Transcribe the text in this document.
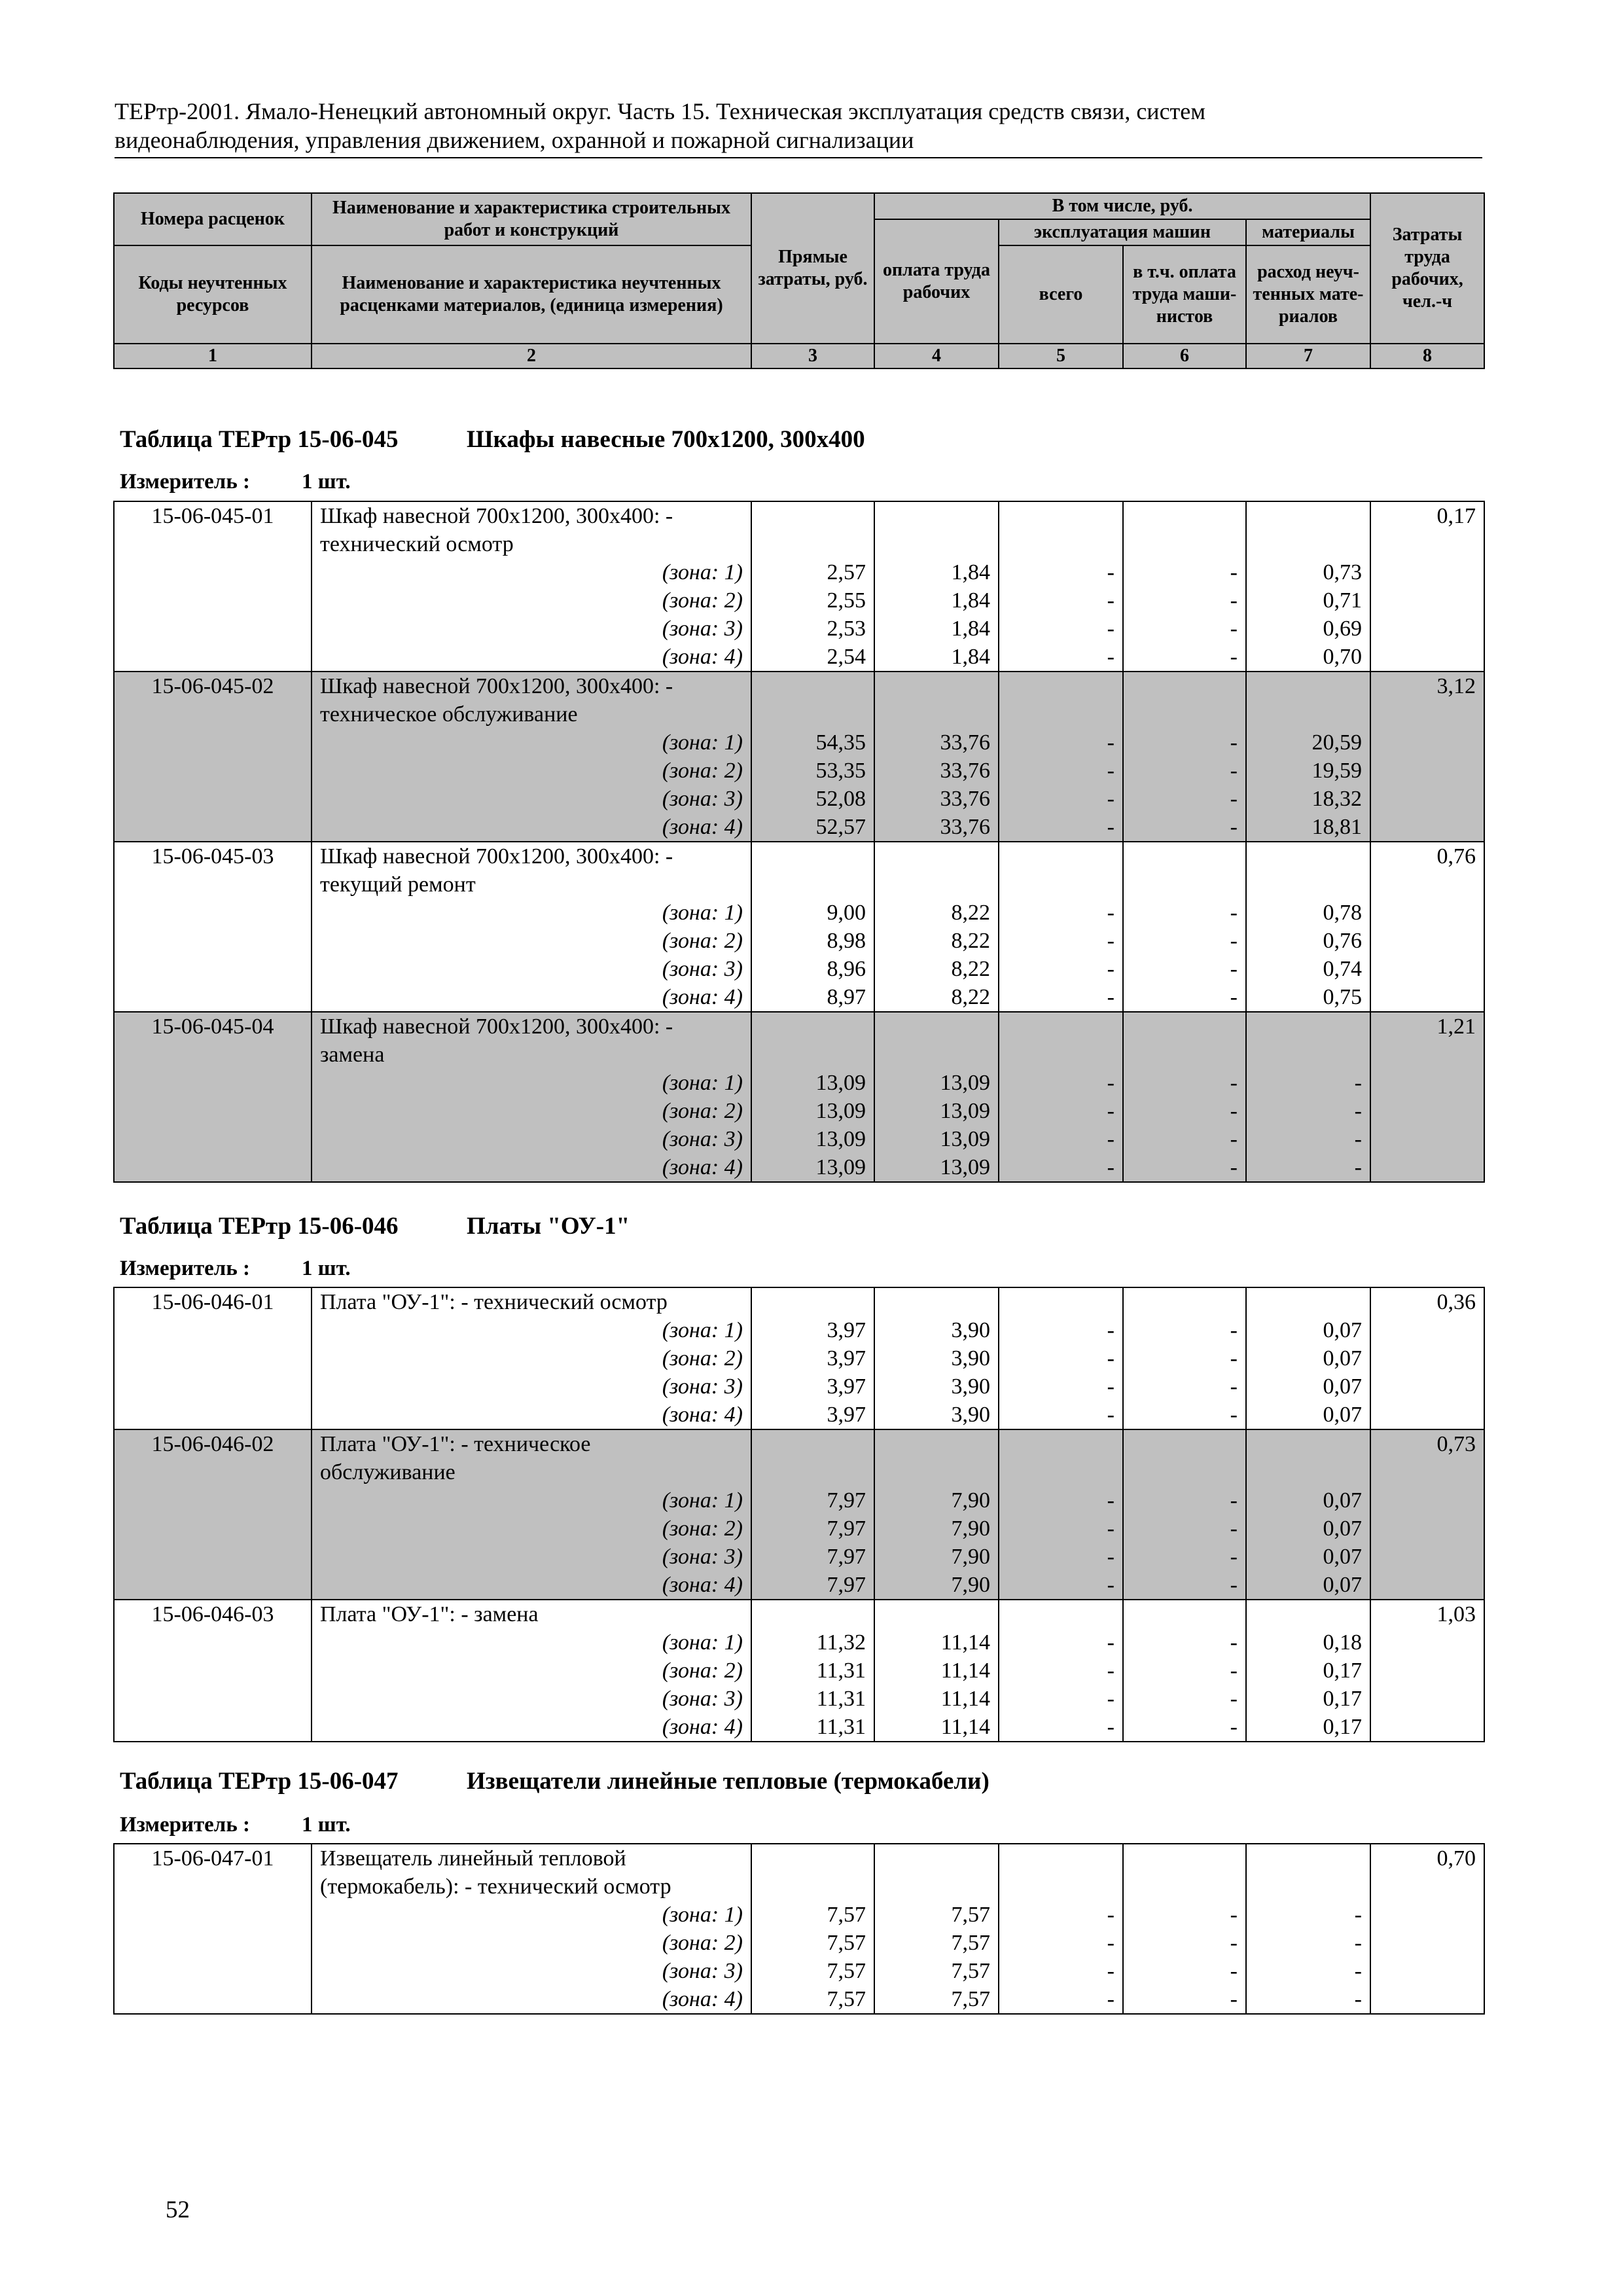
ТЕРтр-2001. Ямало-Ненецкий автономный округ. Часть 15. Техническая эксплуатация средств связи, систем
видеонаблюдения, управления движением, охранной и пожарной сигнализации
Номера расценок	Наименование и характеристика строительных работ и конструкций	Прямые затраты, руб.	В том числе, руб.				Затраты труда рабочих, чел.-ч
			оплата труда рабочих	эксплуатация машин		материалы	
Коды неучтенных ресурсов	Наименование и характеристика неучтенных расценками материалов, (единица измерения)			всего	в т.ч. оплата труда маши-нистов	расход неуч-тенных мате-риалов	

1	2	3	4	5	6	7	8
Таблица ТЕРтр 15-06-045	Шкафы навесные 700х1200, 300х400
Измеритель : 1 шт.
15-06-045-01	Шкаф навесной 700х1200, 300х400: -						0,17
	технический осмотр						
	(зона: 1)	2,57	1,84	-	-	0,73	
	(зона: 2)	2,55	1,84	-	-	0,71	
	(зона: 3)	2,53	1,84	-	-	0,69	
	(зона: 4)	2,54	1,84	-	-	0,70	
15-06-045-02	Шкаф навесной 700х1200, 300х400: -						3,12
	техническое обслуживание						
	(зона: 1)	54,35	33,76	-	-	20,59	
	(зона: 2)	53,35	33,76	-	-	19,59	
	(зона: 3)	52,08	33,76	-	-	18,32	
	(зона: 4)	52,57	33,76	-	-	18,81	
15-06-045-03	Шкаф навесной 700х1200, 300х400: -						0,76
	текущий ремонт						
	(зона: 1)	9,00	8,22	-	-	0,78	
	(зона: 2)	8,98	8,22	-	-	0,76	
	(зона: 3)	8,96	8,22	-	-	0,74	
	(зона: 4)	8,97	8,22	-	-	0,75	
15-06-045-04	Шкаф навесной 700х1200, 300х400: -						1,21
	замена						
	(зона: 1)	13,09	13,09	-	-	-	
	(зона: 2)	13,09	13,09	-	-	-	
	(зона: 3)	13,09	13,09	-	-	-	
	(зона: 4)	13,09	13,09	-	-	-	
Таблица ТЕРтр 15-06-046	Платы "ОУ-1"
Измеритель : 1 шт.
15-06-046-01	Плата "ОУ-1": - технический осмотр						0,36
	(зона: 1)	3,97	3,90	-	-	0,07	
	(зона: 2)	3,97	3,90	-	-	0,07	
	(зона: 3)	3,97	3,90	-	-	0,07	
	(зона: 4)	3,97	3,90	-	-	0,07	
15-06-046-02	Плата "ОУ-1": - техническое						0,73
	обслуживание						
	(зона: 1)	7,97	7,90	-	-	0,07	
	(зона: 2)	7,97	7,90	-	-	0,07	
	(зона: 3)	7,97	7,90	-	-	0,07	
	(зона: 4)	7,97	7,90	-	-	0,07	
15-06-046-03	Плата "ОУ-1": - замена						1,03
	(зона: 1)	11,32	11,14	-	-	0,18	
	(зона: 2)	11,31	11,14	-	-	0,17	
	(зона: 3)	11,31	11,14	-	-	0,17	
	(зона: 4)	11,31	11,14	-	-	0,17	
Таблица ТЕРтр 15-06-047	Извещатели линейные тепловые (термокабели)
Измеритель : 1 шт.
15-06-047-01	Извещатель линейный тепловой						0,70
	(термокабель): - технический осмотр						
	(зона: 1)	7,57	7,57	-	-	-	
	(зона: 2)	7,57	7,57	-	-	-	
	(зона: 3)	7,57	7,57	-	-	-	
	(зона: 4)	7,57	7,57	-	-	-	
52
